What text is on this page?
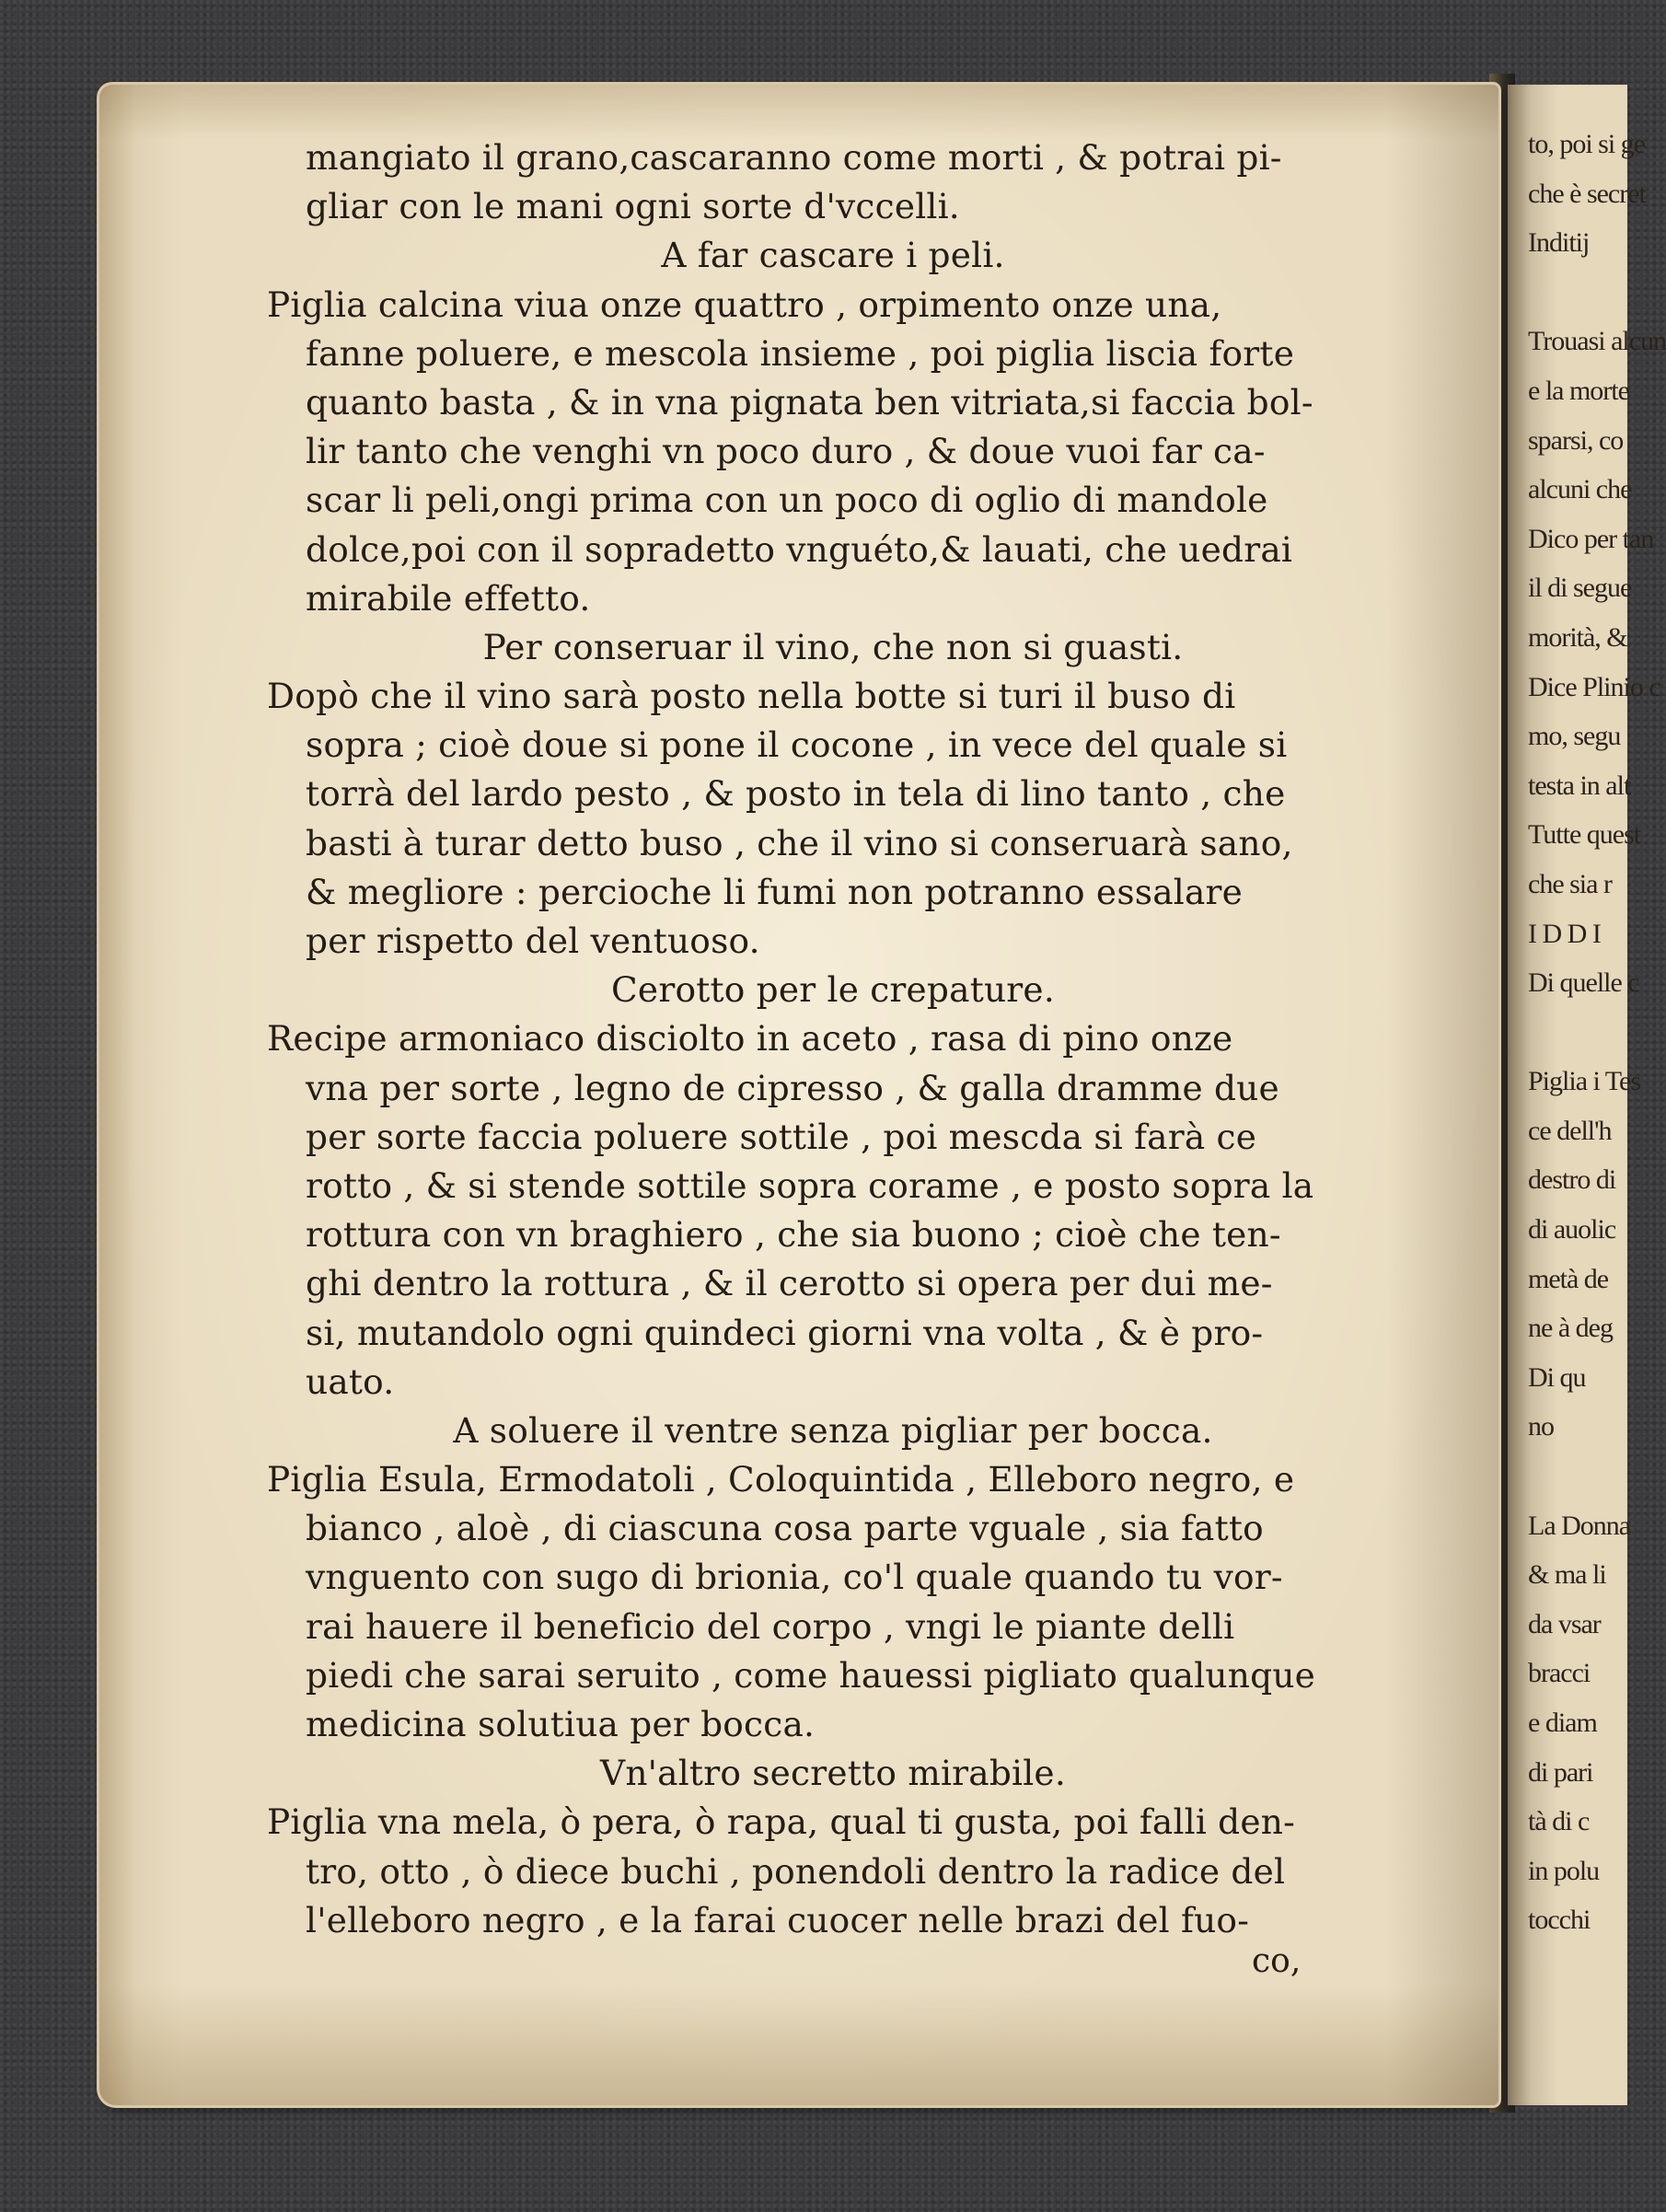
mangiato il grano,cascaranno come morti , & potrai pi-
gliar con le mani ogni sorte d'vccelli.
A far cascare i peli.
Piglia calcina viua onze quattro , orpimento onze una,
fanne poluere, e mescola insieme , poi piglia liscia forte
quanto basta , & in vna pignata ben vitriata,si faccia bol-
lir tanto che venghi vn poco duro , & doue vuoi far ca-
scar li peli,ongi prima con un poco di oglio di mandole
dolce,poi con il sopradetto vnguéto,& lauati, che uedrai
mirabile effetto.
Per conseruar il vino, che non si guasti.
Dopò che il vino sarà posto nella botte si turi il buso di
sopra ; cioè doue si pone il cocone , in vece del quale si
torrà del lardo pesto , & posto in tela di lino tanto , che
basti à turar detto buso , che il vino si conseruarà sano,
& megliore : percioche li fumi non potranno essalare
per rispetto del ventuoso.
Cerotto per le crepature.
Recipe armoniaco disciolto in aceto , rasa di pino onze
vna per sorte , legno de cipresso , & galla dramme due
per sorte faccia poluere sottile , poi mescda si farà ce
rotto , & si stende sottile sopra corame , e posto sopra la
rottura con vn braghiero , che sia buono ; cioè che ten-
ghi dentro la rottura , & il cerotto si opera per dui me-
si, mutandolo ogni quindeci giorni vna volta , & è pro-
uato.
A soluere il ventre senza pigliar per bocca.
Piglia Esula, Ermodatoli , Coloquintida , Elleboro negro, e
bianco , aloè , di ciascuna cosa parte vguale , sia fatto
vnguento con sugo di brionia, co'l quale quando tu vor-
rai hauere il beneficio del corpo , vngi le piante delli
piedi che sarai seruito , come hauessi pigliato qualunque
medicina solutiua per bocca.
Vn'altro secretto mirabile.
Piglia vna mela, ò pera, ò rapa, qual ti gusta, poi falli den-
tro, otto , ò diece buchi , ponendoli dentro la radice del
l'elleboro negro , e la farai cuocer nelle brazi del fuo-
co,
to, poi si ge
che è secret
Inditij
Trouasi alcun
e la morte
sparsi, co
alcuni che
Dico per tan
il di segue
morità, &
Dice Plinio c
mo, segu
testa in alt
Tutte quest
che sia r
I D D I
Di quelle c
Piglia i Tes
ce dell'h
destro di
di auolic
metà de
ne à deg
Di qu
no
La Donna
& ma li
da vsar
bracci
e diam
di pari
tà di c
in polu
tocchi
